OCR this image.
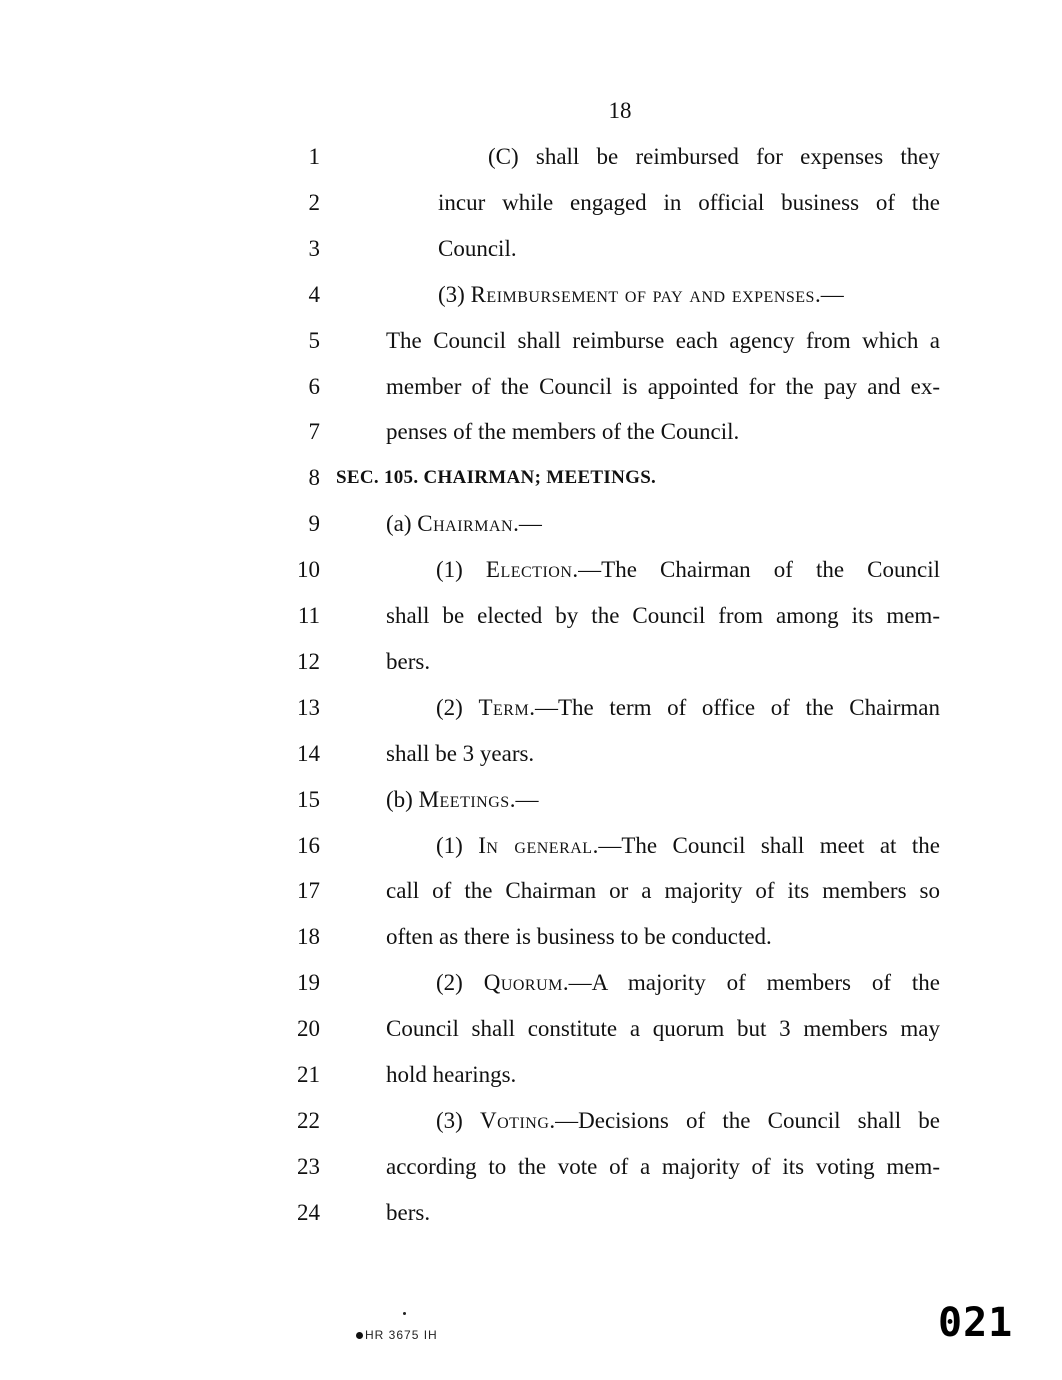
18
1	(C) shall be reimbursed for expenses they
2	incur while engaged in official business of the
3	Council.
4	(3) Reimbursement of pay and expenses.—
5	The Council shall reimburse each agency from which a
6	member of the Council is appointed for the pay and ex-
7	penses of the members of the Council.
8 SEC. 105. CHAIRMAN; MEETINGS.
9	(a) Chairman.—
10	(1) Election.—The Chairman of the Council
11	shall be elected by the Council from among its mem-
12	bers.
13	(2) Term.—The term of office of the Chairman
14	shall be 3 years.
15	(b) Meetings.—
16	(1) In general.—The Council shall meet at the
17	call of the Chairman or a majority of its members so
18	often as there is business to be conducted.
19	(2) Quorum.—A majority of members of the
20	Council shall constitute a quorum but 3 members may
21	hold hearings.
22	(3) Voting.—Decisions of the Council shall be
23	according to the vote of a majority of its voting mem-
24	bers.
HR 3675 IH	021
